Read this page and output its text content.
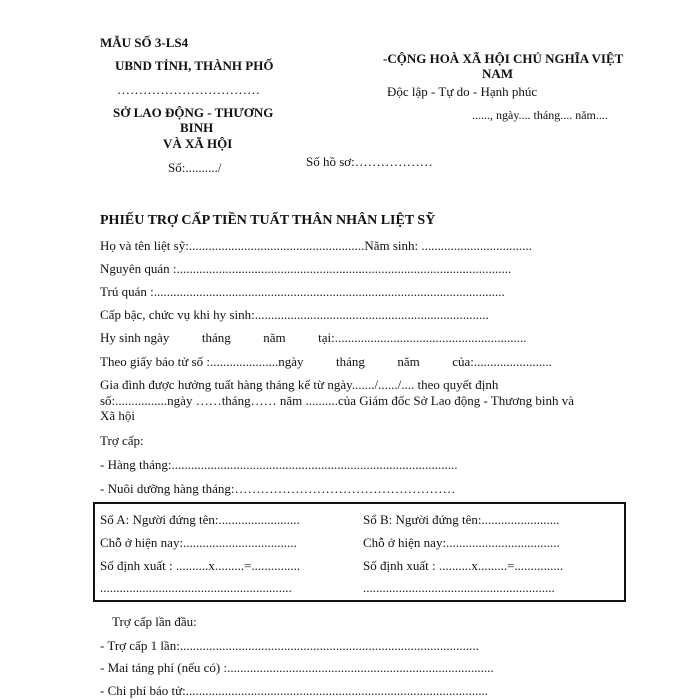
MẪU SỐ 3-LS4
UBND TỈNH, THÀNH PHỐ
……………………………
SỞ LAO ĐỘNG - THƯƠNG
BINH
VÀ XÃ HỘI
Số:........../
-CỘNG HOÀ XÃ HỘI CHỦ NGHĨA VIỆT
NAM
Độc lập - Tự do - Hạnh phúc
......, ngày.... tháng.... năm....
Số hồ sơ:………………
PHIẾU TRỢ CẤP TIỀN TUẤT THÂN NHÂN LIỆT SỸ
Họ và tên liệt sỹ:......................................................Năm sinh: ..................................
Nguyên quán :.......................................................................................................
Trú quán :............................................................................................................
Cấp bậc, chức vụ khi hy sinh:........................................................................
Hy sinh ngày          tháng          năm          tại:...........................................................
Theo giấy báo tử số :.....................ngày          tháng          năm          của:........................
Gia đình được hưởng tuất hàng tháng kể từ ngày......./....../.... theo quyết định
số:................ngày ……tháng…… năm ..........của Giám đốc Sở Lao động - Thương binh và
Xã hội
Trợ cấp:
- Hàng tháng:........................................................................................
- Nuôi dưỡng hàng tháng:……………………………………………
Sổ A: Người đứng tên:.........................
Chỗ ở hiện nay:...................................
Số định xuất : ..........x.........=...............
...........................................................
Sổ B: Người đứng tên:........................
Chỗ ở hiện nay:...................................
Số định xuất : ..........x.........=...............
...........................................................
Trợ cấp lần đầu:
- Trợ cấp 1 lần:............................................................................................
- Mai táng phí (nếu có) :..................................................................................
- Chi phí báo tử:.............................................................................................
